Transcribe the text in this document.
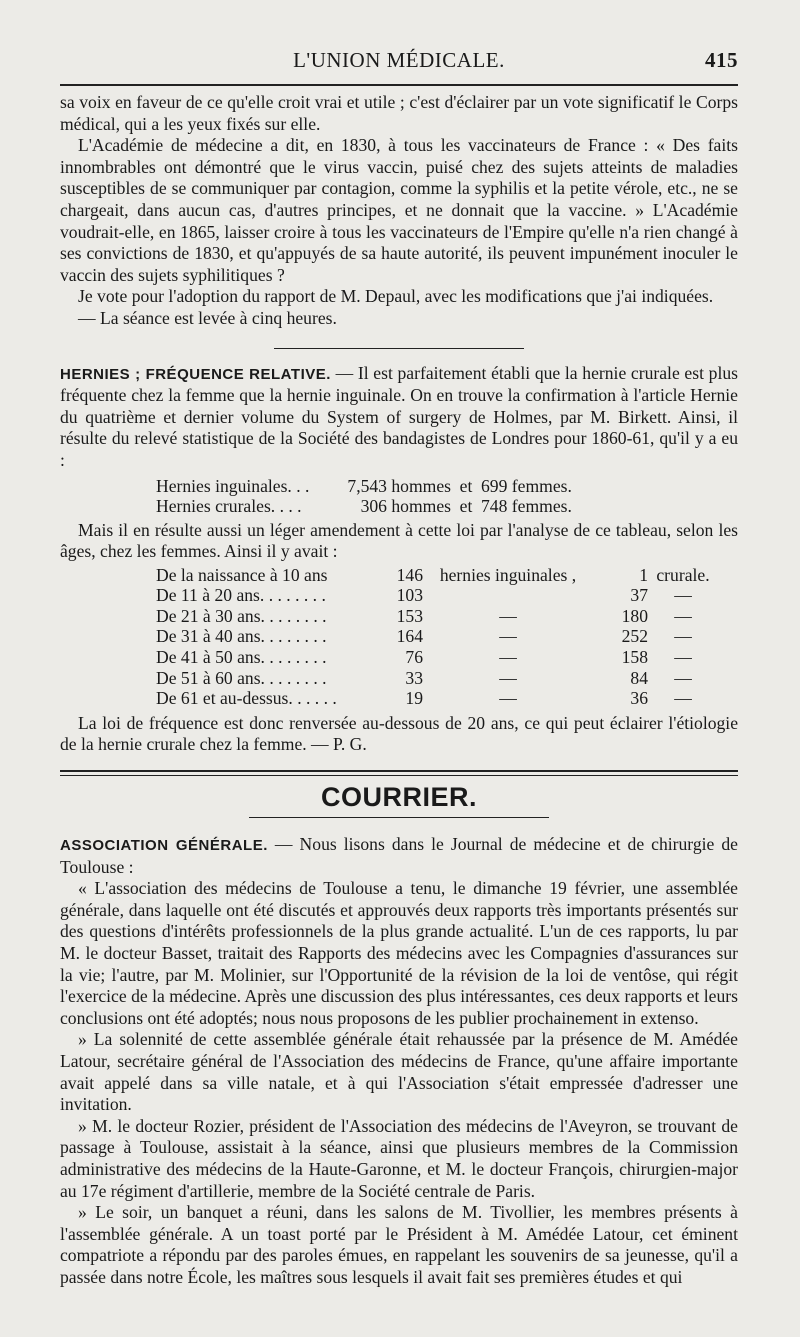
L'UNION MÉDICALE.	415

sa voix en faveur de ce qu'elle croit vrai et utile ; c'est d'éclairer par un vote significatif le Corps médical, qui a les yeux fixés sur elle.

L'Académie de médecine a dit, en 1830, à tous les vaccinateurs de France : « Des faits innombrables ont démontré que le virus vaccin, puisé chez des sujets atteints de maladies susceptibles de se communiquer par contagion, comme la syphilis et la petite vérole, etc., ne se chargeait, dans aucun cas, d'autres principes, et ne donnait que la vaccine. » L'Académie voudrait-elle, en 1865, laisser croire à tous les vaccinateurs de l'Empire qu'elle n'a rien changé à ses convictions de 1830, et qu'appuyés de sa haute autorité, ils peuvent impunément inoculer le vaccin des sujets syphilitiques ?

Je vote pour l'adoption du rapport de M. Depaul, avec les modifications que j'ai indiquées.

— La séance est levée à cinq heures.

HERNIES ; FRÉQUENCE RELATIVE. — Il est parfaitement établi que la hernie crurale est plus fréquente chez la femme que la hernie inguinale. On en trouve la confirmation à l'article Hernie du quatrième et dernier volume du System of surgery de Holmes, par M. Birkett. Ainsi, il résulte du relevé statistique de la Société des bandagistes de Londres pour 1860-61, qu'il y a eu :

Hernies inguinales. . .	7,543 hommes	et	699 femmes.
Hernies crurales. . . .	306 hommes	et	748 femmes.

Mais il en résulte aussi un léger amendement à cette loi par l'analyse de ce tableau, selon les âges, chez les femmes. Ainsi il y avait :

De la naissance à 10 ans	146	hernies inguinales ,	1	crurale.
De 11 à 20 ans. . . . . . . .	103		37	—
De 21 à 30 ans. . . . . . . .	153	—	180	—
De 31 à 40 ans. . . . . . . .	164	—	252	—
De 41 à 50 ans. . . . . . . .	76	—	158	—
De 51 à 60 ans. . . . . . . .	33	—	84	—
De 61 et au-dessus. . . . . .	19	—	36	—

La loi de fréquence est donc renversée au-dessous de 20 ans, ce qui peut éclairer l'étiologie de la hernie crurale chez la femme. — P. G.

COURRIER.

ASSOCIATION GÉNÉRALE. — Nous lisons dans le Journal de médecine et de chirurgie de Toulouse :

« L'association des médecins de Toulouse a tenu, le dimanche 19 février, une assemblée générale, dans laquelle ont été discutés et approuvés deux rapports très importants présentés sur des questions d'intérêts professionnels de la plus grande actualité. L'un de ces rapports, lu par M. le docteur Basset, traitait des Rapports des médecins avec les Compagnies d'assurances sur la vie; l'autre, par M. Molinier, sur l'Opportunité de la révision de la loi de ventôse, qui régit l'exercice de la médecine. Après une discussion des plus intéressantes, ces deux rapports et leurs conclusions ont été adoptés; nous nous proposons de les publier prochainement in extenso.

» La solennité de cette assemblée générale était rehaussée par la présence de M. Amédée Latour, secrétaire général de l'Association des médecins de France, qu'une affaire importante avait appelé dans sa ville natale, et à qui l'Association s'était empressée d'adresser une invitation.

» M. le docteur Rozier, président de l'Association des médecins de l'Aveyron, se trouvant de passage à Toulouse, assistait à la séance, ainsi que plusieurs membres de la Commission administrative des médecins de la Haute-Garonne, et M. le docteur François, chirurgien-major au 17e régiment d'artillerie, membre de la Société centrale de Paris.

» Le soir, un banquet a réuni, dans les salons de M. Tivollier, les membres présents à l'assemblée générale. A un toast porté par le Président à M. Amédée Latour, cet éminent compatriote a répondu par des paroles émues, en rappelant les souvenirs de sa jeunesse, qu'il a passée dans notre École, les maîtres sous lesquels il avait fait ses premières études et qui
